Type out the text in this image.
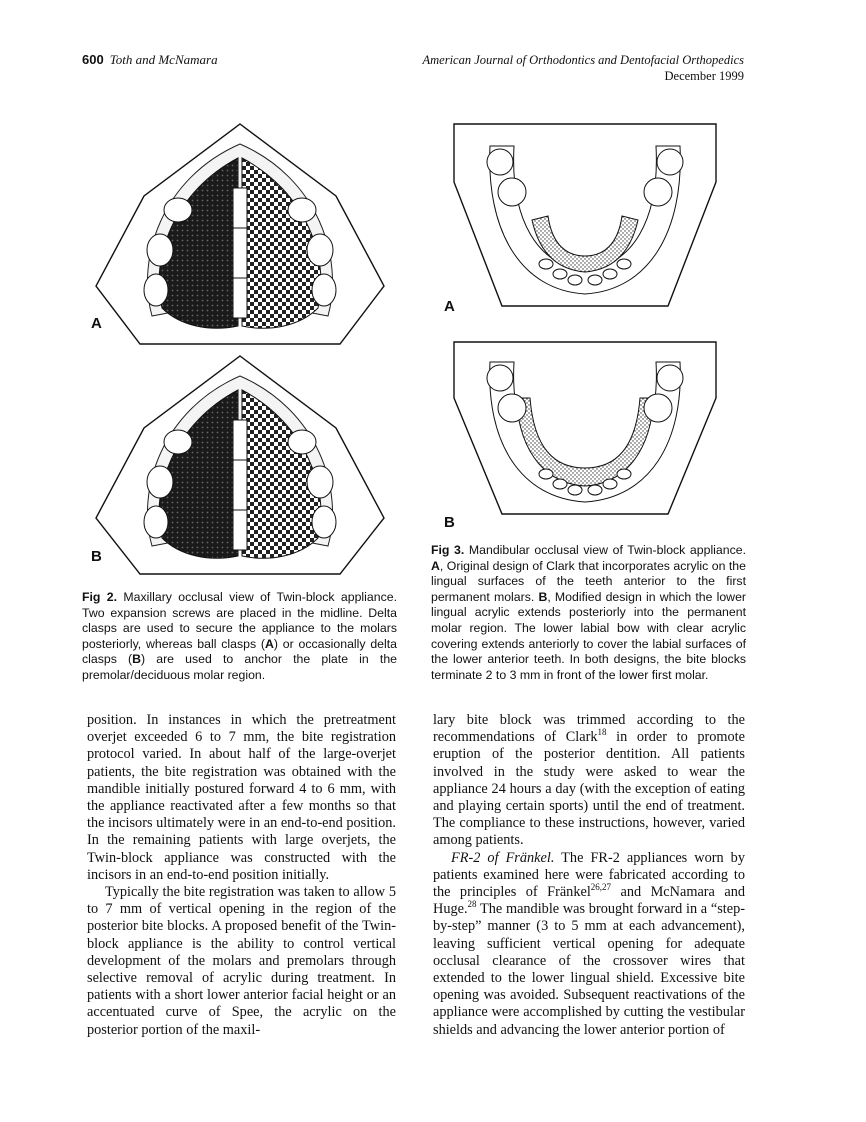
600 Toth and McNamara	American Journal of Orthodontics and Dentofacial Orthopedics
December 1999
A
B
A
B
Fig 2. Maxillary occlusal view of Twin-block appliance. Two expansion screws are placed in the midline. Delta clasps are used to secure the appliance to the molars posteriorly, whereas ball clasps (A) or occasionally delta clasps (B) are used to anchor the plate in the premolar/deciduous molar region.
Fig 3. Mandibular occlusal view of Twin-block appliance. A, Original design of Clark that incorporates acrylic on the lingual surfaces of the teeth anterior to the first permanent molars. B, Modified design in which the lower lingual acrylic extends posteriorly into the permanent molar region. The lower labial bow with clear acrylic covering extends anteriorly to cover the labial surfaces of the lower anterior teeth. In both designs, the bite blocks terminate 2 to 3 mm in front of the lower first molar.

position. In instances in which the pretreatment overjet exceeded 6 to 7 mm, the bite registration protocol varied. In about half of the large-overjet patients, the bite registration was obtained with the mandible initially postured forward 4 to 6 mm, with the appliance reactivated after a few months so that the incisors ultimately were in an end-to-end position. In the remaining patients with large overjets, the Twin-block appliance was constructed with the incisors in an end-to-end position initially.

Typically the bite registration was taken to allow 5 to 7 mm of vertical opening in the region of the posterior bite blocks. A proposed benefit of the Twin-block appliance is the ability to control vertical development of the molars and premolars through selective removal of acrylic during treatment. In patients with a short lower anterior facial height or an accentuated curve of Spee, the acrylic on the posterior portion of the maxil-

lary bite block was trimmed according to the recommendations of Clark$^{18}$ in order to promote eruption of the posterior dentition. All patients involved in the study were asked to wear the appliance 24 hours a day (with the exception of eating and playing certain sports) until the end of treatment. The compliance to these instructions, however, varied among patients.

FR-2 of Fränkel. The FR-2 appliances worn by patients examined here were fabricated according to the principles of Fränkel$^{26,27}$ and McNamara and Huge.$^{28}$ The mandible was brought forward in a “step-by-step” manner (3 to 5 mm at each advancement), leaving sufficient vertical opening for adequate occlusal clearance of the crossover wires that extended to the lower lingual shield. Excessive bite opening was avoided. Subsequent reactivations of the appliance were accomplished by cutting the vestibular shields and advancing the lower anterior portion of
